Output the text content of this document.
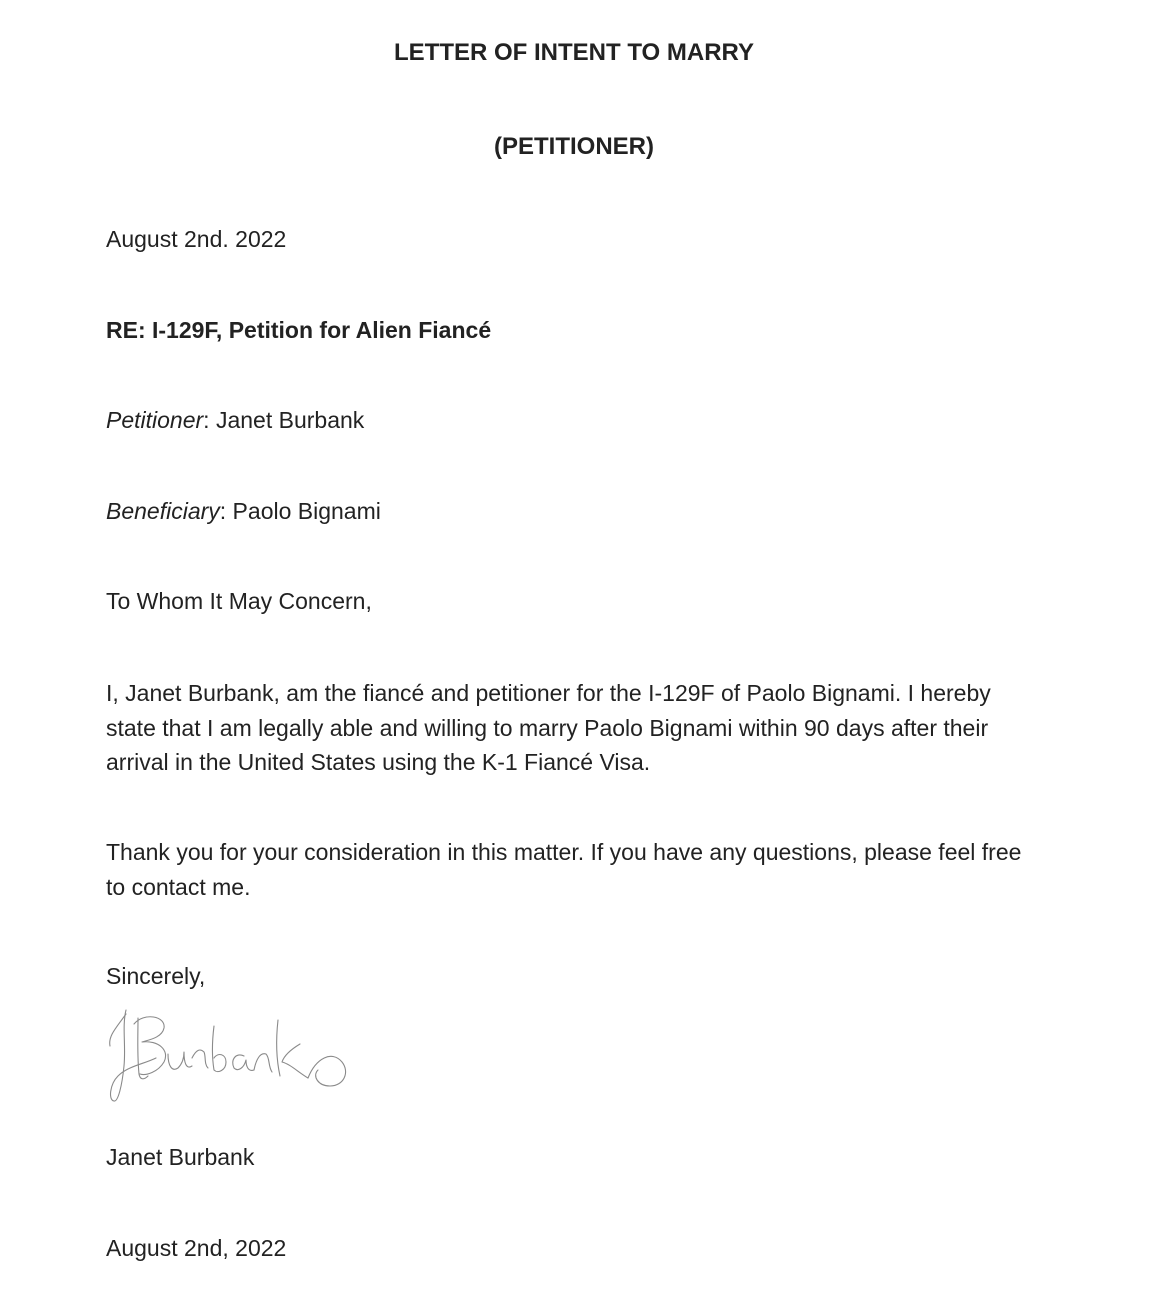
LETTER OF INTENT TO MARRY
(PETITIONER)

August 2nd. 2022

RE: I-129F, Petition for Alien Fiancé

Petitioner: Janet Burbank

Beneficiary: Paolo Bignami

To Whom It May Concern,

I, Janet Burbank, am the fiancé and petitioner for the I-129F of Paolo Bignami. I hereby state that I am legally able and willing to marry Paolo Bignami within 90 days after their arrival in the United States using the K-1 Fiancé Visa.

Thank you for your consideration in this matter. If you have any questions, please feel free to contact me.

Sincerely,

Janet Burbank

August 2nd, 2022
